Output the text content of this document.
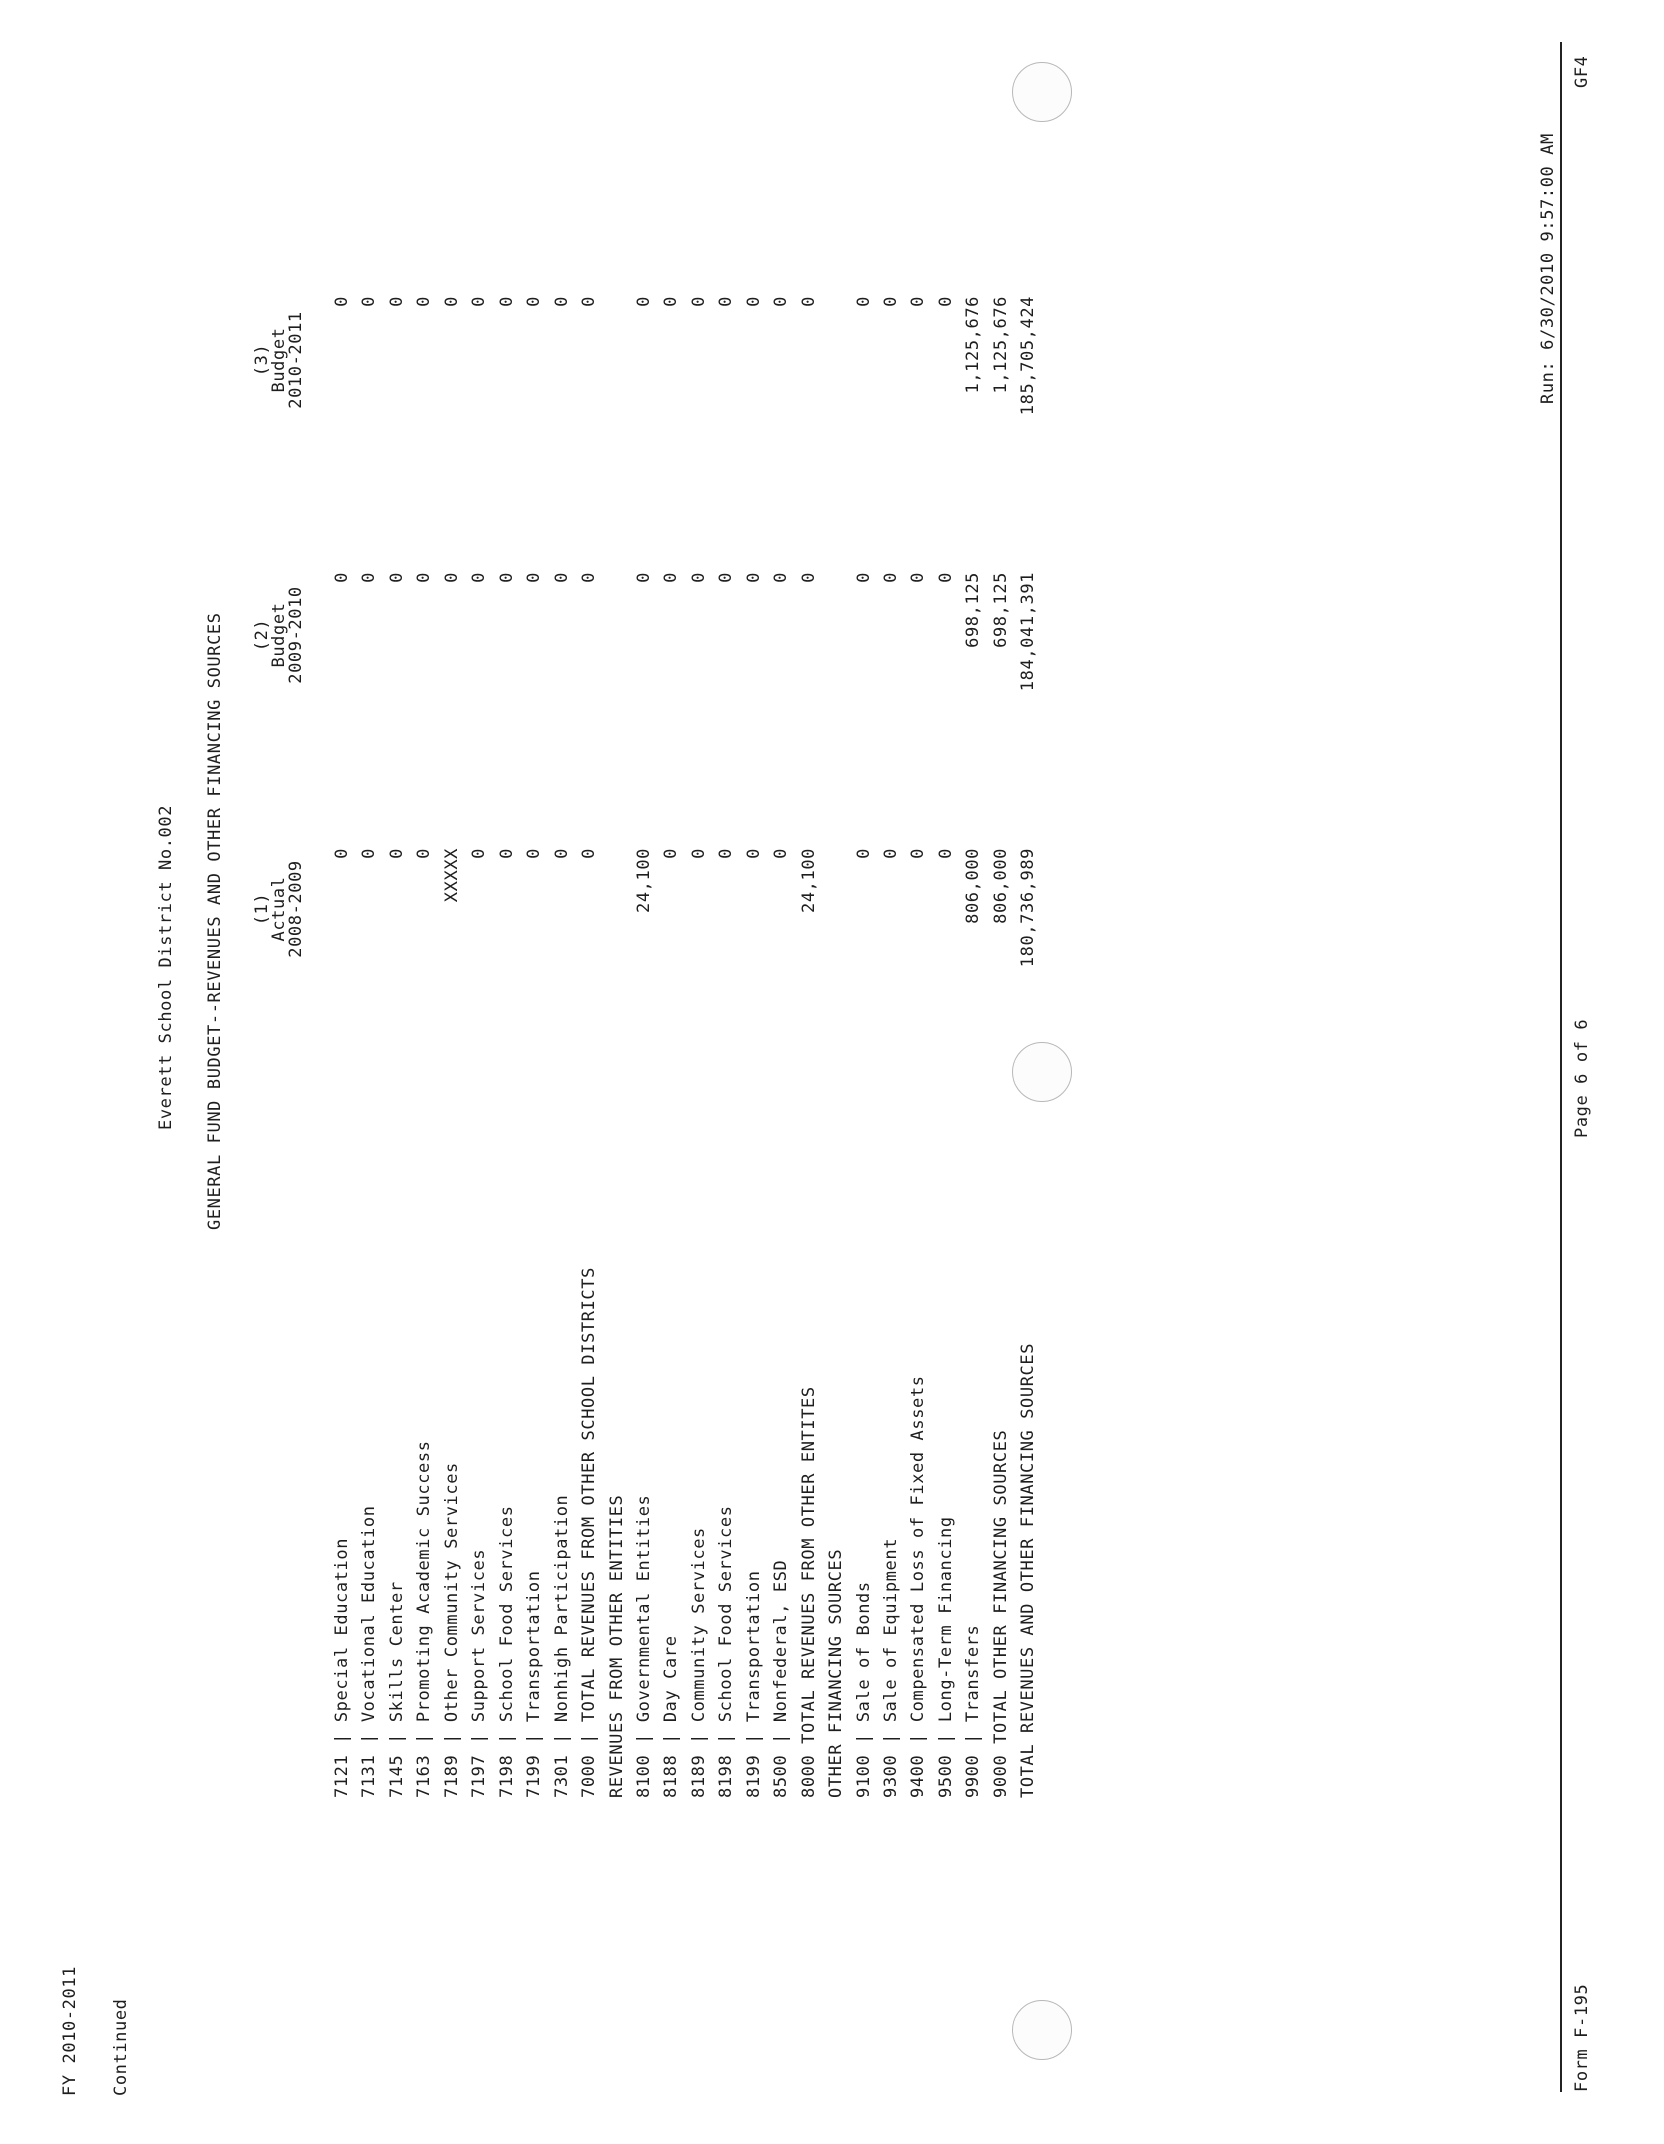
FY 2010-2011
Run: 6/30/2010 9:57:00 AM
Continued
Everett School District No.002 GENERAL FUND BUDGET--REVENUES AND OTHER FINANCING SOURCES
Form F-195
Page 6 of 6
GF4
(1)
Actual
2008-2009
(2)
Budget
2009-2010
(3)
Budget
2010-2011
7121 | Special Education
0
0
0
7131 | Vocational Education
0
0
0
7145 | Skills Center
0
0
0
7163 | Promoting Academic Success
0
0
0
7189 | Other Community Services
XXXXX
0
0
7197 | Support Services
0
0
0
7198 | School Food Services
0
0
0
7199 | Transportation
0
0
0
7301 | Nonhigh Participation
0
0
0
7000 | TOTAL REVENUES FROM OTHER SCHOOL DISTRICTS
0
0
0
REVENUES FROM OTHER ENTITIES 8100 | Governmental Entities
24,100
0
0
8188 | Day Care
0
0
0
8189 | Community Services
0
0
0
8198 | School Food Services
0
0
0
8199 | Transportation
0
0
0
8500 | Nonfederal, ESD
0
0
0
8000 TOTAL REVENUES FROM OTHER ENTITES
24,100
0
0
OTHER FINANCING SOURCES 9100 | Sale of Bonds
0
0
0
9300 | Sale of Equipment
0
0
0
9400 | Compensated Loss of Fixed Assets
0
0
0
9500 | Long-Term Financing
0
0
0
9900 | Transfers
806,000
698,125
1,125,676
9000 TOTAL OTHER FINANCING SOURCES
806,000
698,125
1,125,676
TOTAL REVENUES AND OTHER FINANCING SOURCES
180,736,989
184,041,391
185,705,424
